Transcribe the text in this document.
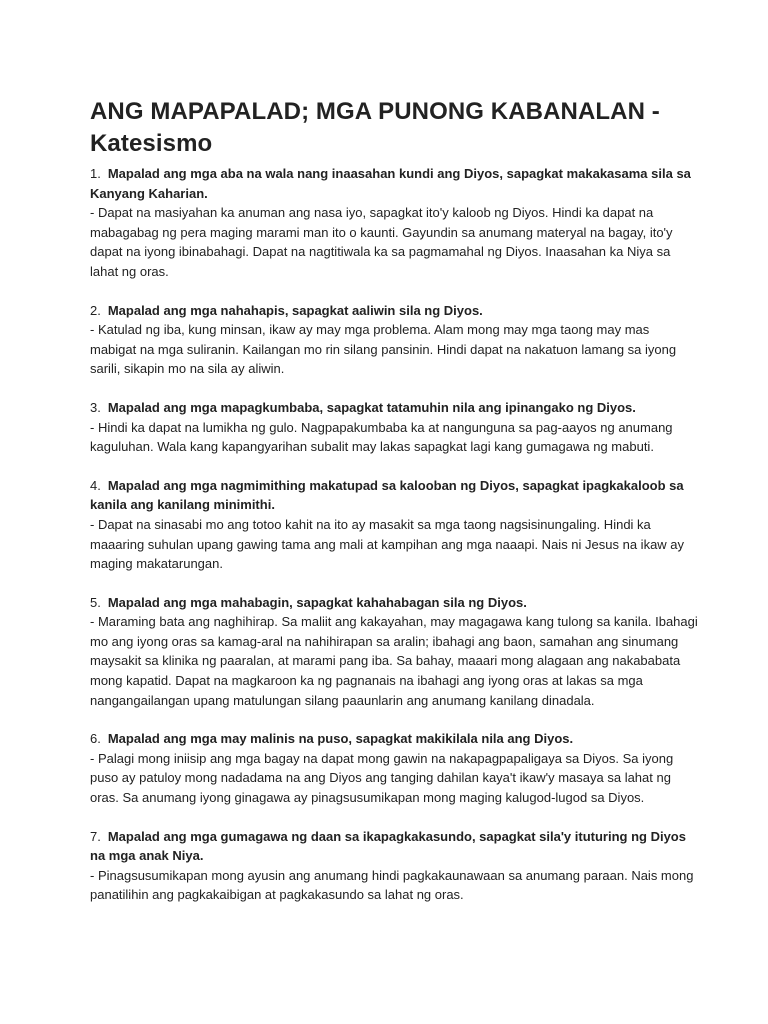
ANG MAPAPALAD; MGA PUNONG KABANALAN - Katesismo
1. Mapalad ang mga aba na wala nang inaasahan kundi ang Diyos, sapagkat makakasama sila sa Kanyang Kaharian.
- Dapat na masiyahan ka anuman ang nasa iyo, sapagkat ito'y kaloob ng Diyos. Hindi ka dapat na mabagabag ng pera maging marami man ito o kaunti. Gayundin sa anumang materyal na bagay, ito'y dapat na iyong ibinabahagi. Dapat na nagtitiwala ka sa pagmamahal ng Diyos. Inaasahan ka Niya sa lahat ng oras.
2. Mapalad ang mga nahahapis, sapagkat aaliwin sila ng Diyos.
- Katulad ng iba, kung minsan, ikaw ay may mga problema. Alam mong may mga taong may mas mabigat na mga suliranin. Kailangan mo rin silang pansinin. Hindi dapat na nakatuon lamang sa iyong sarili, sikapin mo na sila ay aliwin.
3. Mapalad ang mga mapagkumbaba, sapagkat tatamuhin nila ang ipinangako ng Diyos.
- Hindi ka dapat na lumikha ng gulo. Nagpapakumbaba ka at nangunguna sa pag-aayos ng anumang kaguluhan. Wala kang kapangyarihan subalit may lakas sapagkat lagi kang gumagawa ng mabuti.
4. Mapalad ang mga nagmimithing makatupad sa kalooban ng Diyos, sapagkat ipagkakaloob sa kanila ang kanilang minimithi.
- Dapat na sinasabi mo ang totoo kahit na ito ay masakit sa mga taong nagsisinungaling. Hindi ka maaaring suhulan upang gawing tama ang mali at kampihan ang mga naaapi. Nais ni Jesus na ikaw ay maging makatarungan.
5. Mapalad ang mga mahabagin, sapagkat kahahabagan sila ng Diyos.
- Maraming bata ang naghihirap. Sa maliit ang kakayahan, may magagawa kang tulong sa kanila. Ibahagi mo ang iyong oras sa kamag-aral na nahihirapan sa aralin; ibahagi ang baon, samahan ang sinumang maysakit sa klinika ng paaralan, at marami pang iba. Sa bahay, maaari mong alagaan ang nakababata mong kapatid. Dapat na magkaroon ka ng pagnanais na ibahagi ang iyong oras at lakas sa mga nangangailangan upang matulungan silang paaunlarin ang anumang kanilang dinadala.
6. Mapalad ang mga may malinis na puso, sapagkat makikilala nila ang Diyos.
- Palagi mong iniisip ang mga bagay na dapat mong gawin na nakapagpapaligaya sa Diyos. Sa iyong puso ay patuloy mong nadadama na ang Diyos ang tanging dahilan kaya't ikaw'y masaya sa lahat ng oras. Sa anumang iyong ginagawa ay pinagsusumikapan mong maging kalugod-lugod sa Diyos.
7. Mapalad ang mga gumagawa ng daan sa ikapagkakasundo, sapagkat sila'y ituturing ng Diyos na mga anak Niya.
- Pinagsusumikapan mong ayusin ang anumang hindi pagkakaunawaan sa anumang paraan. Nais mong panatilihin ang pagkakaibigan at pagkakasundo sa lahat ng oras.
